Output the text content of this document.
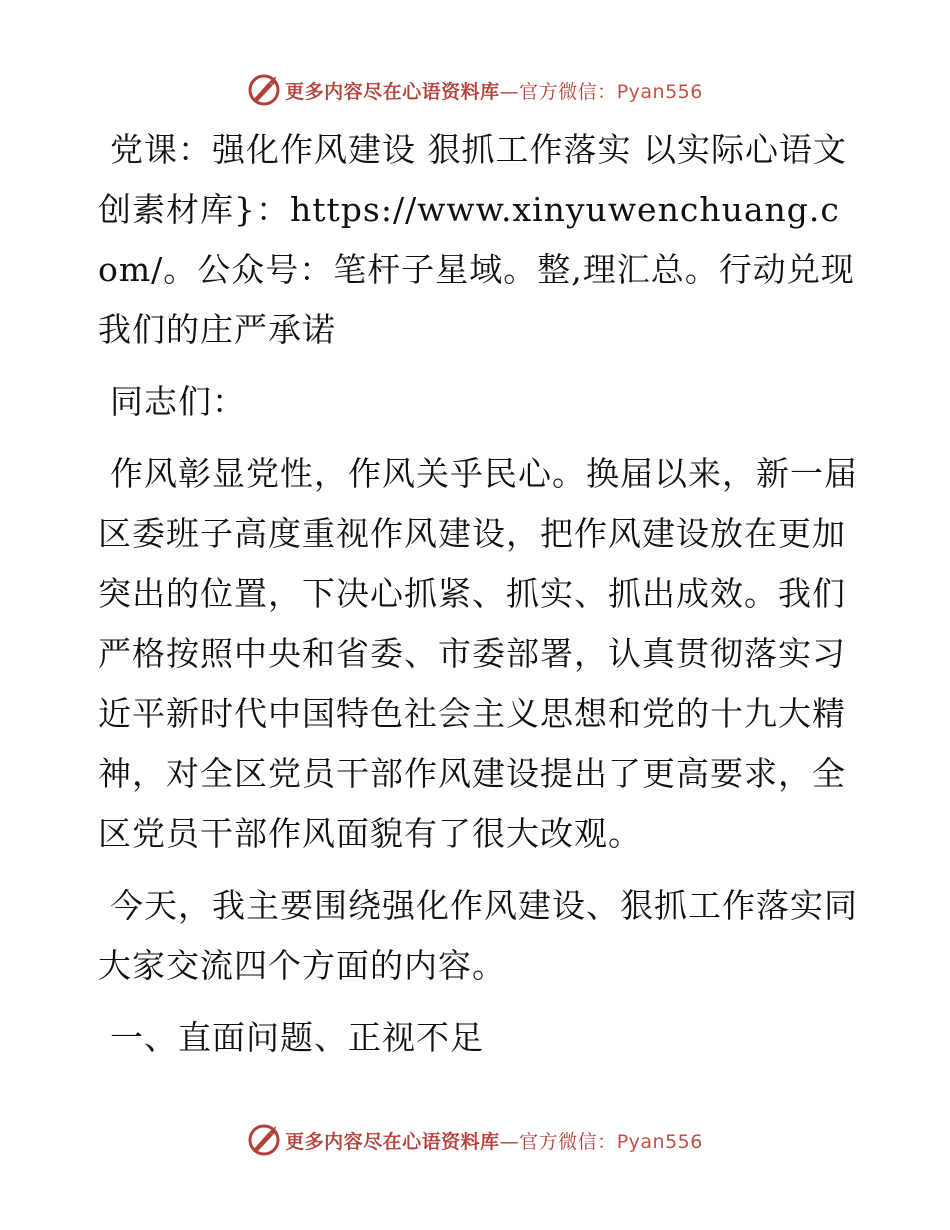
更多内容尽在心语资料库—官方微信：Pyan556

党课：强化作风建设 狠抓工作落实 以实际心语文创素材库}：https://www.xinyuwenchuang.com/。公众号：笔杆子星域。整,理汇总。行动兑现我们的庄严承诺

同志们：

作风彰显党性，作风关乎民心。换届以来，新一届区委班子高度重视作风建设，把作风建设放在更加突出的位置，下决心抓紧、抓实、抓出成效。我们严格按照中央和省委、市委部署，认真贯彻落实习近平新时代中国特色社会主义思想和党的十九大精神，对全区党员干部作风建设提出了更高要求，全区党员干部作风面貌有了很大改观。

今天，我主要围绕强化作风建设、狠抓工作落实同大家交流四个方面的内容。

一、直面问题、正视不足

更多内容尽在心语资料库—官方微信：Pyan556
